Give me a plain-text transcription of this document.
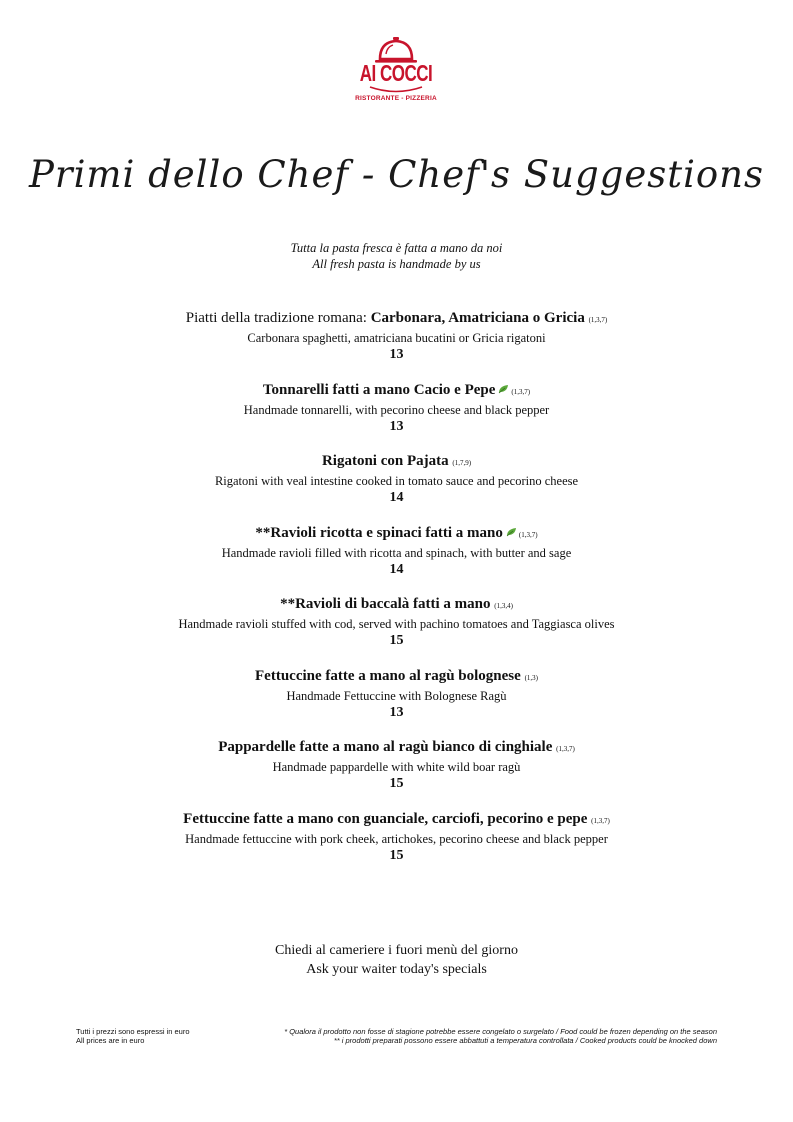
AI COCCI
RISTORANTE - PIZZERIA
Primi dello Chef - Chef's Suggestions
Tutta la pasta fresca è fatta a mano da noi
All fresh pasta is handmade by us
Piatti della tradizione romana: Carbonara, Amatriciana o Gricia (1,3,7)
Carbonara spaghetti, amatriciana bucatini or Gricia rigatoni
13
Tonnarelli fatti a mano Cacio e Pepe (1,3,7)
Handmade tonnarelli, with pecorino cheese and black pepper
13
Rigatoni con Pajata (1,7,9)
Rigatoni with veal intestine cooked in tomato sauce and pecorino cheese
14
**Ravioli ricotta e spinaci fatti a mano (1,3,7)
Handmade ravioli filled with ricotta and spinach, with butter and sage
14
**Ravioli di baccalà fatti a mano (1,3,4)
Handmade ravioli stuffed with cod, served with pachino tomatoes and Taggiasca olives
15
Fettuccine fatte a mano al ragù bolognese (1,3)
Handmade Fettuccine with Bolognese Ragù
13
Pappardelle fatte a mano al ragù bianco di cinghiale (1,3,7)
Handmade pappardelle with white wild boar ragù
15
Fettuccine fatte a mano con guanciale, carciofi, pecorino e pepe (1,3,7)
Handmade fettuccine with pork cheek, artichokes, pecorino cheese and black pepper
15
Chiedi al cameriere i fuori menù del giorno
Ask your waiter today's specials
Tutti i prezzi sono espressi in euro
All prices are in euro
* Qualora il prodotto non fosse di stagione potrebbe essere congelato o surgelato / Food could be frozen depending on the season
** i prodotti preparati possono essere abbattuti a temperatura controllata / Cooked products could be knocked down
